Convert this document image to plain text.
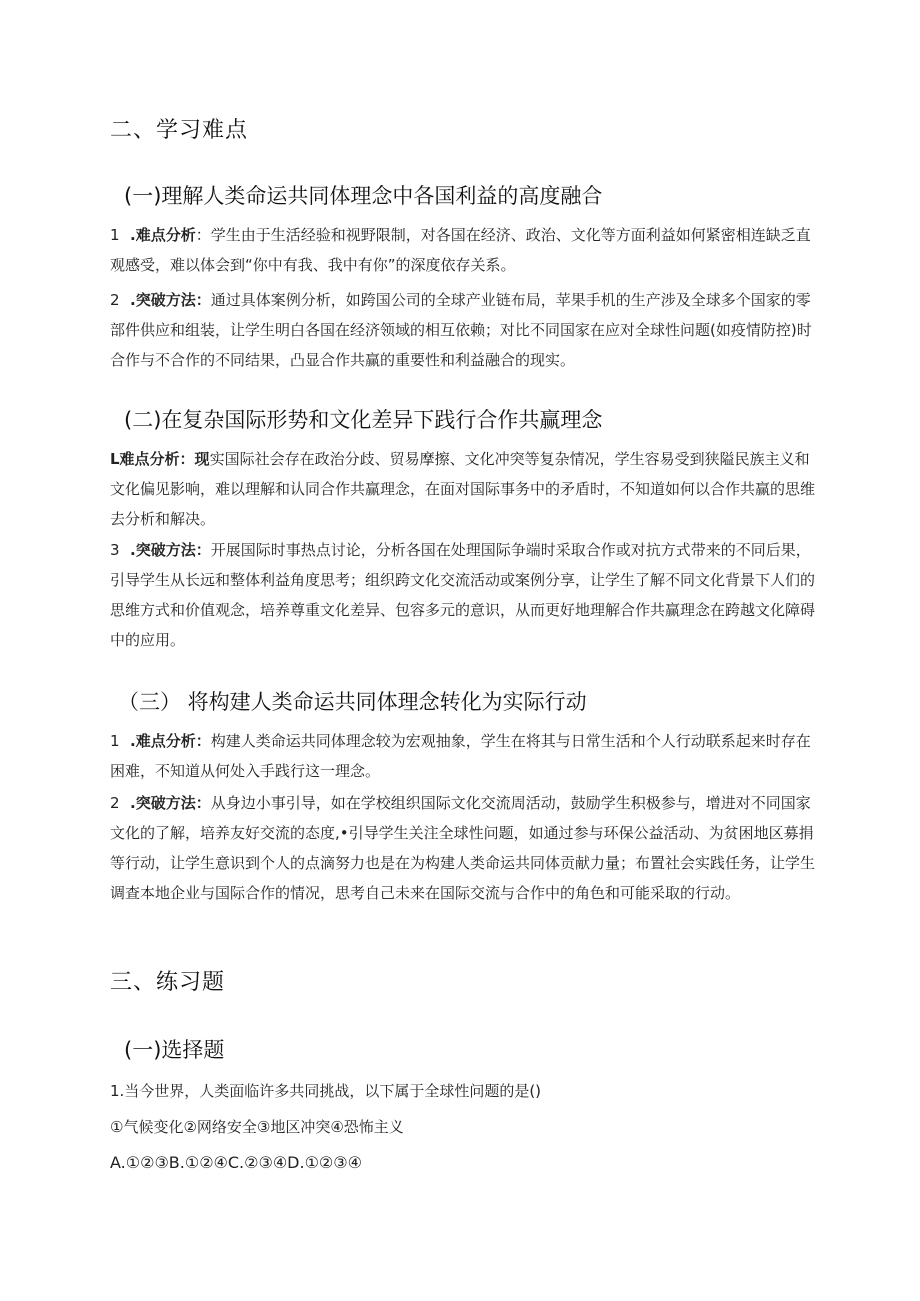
二、学习难点
(一)理解人类命运共同体理念中各国利益的高度融合
1 .难点分析：学生由于生活经验和视野限制，对各国在经济、政治、文化等方面利益如何紧密相连缺乏直观感受，难以体会到“你中有我、我中有你”的深度依存关系。
2 .突破方法：通过具体案例分析，如跨国公司的全球产业链布局，苹果手机的生产涉及全球多个国家的零部件供应和组装，让学生明白各国在经济领域的相互依赖；对比不同国家在应对全球性问题(如疫情防控)时合作与不合作的不同结果，凸显合作共赢的重要性和利益融合的现实。
(二)在复杂国际形势和文化差异下践行合作共赢理念
L难点分析：现实国际社会存在政治分歧、贸易摩擦、文化冲突等复杂情况，学生容易受到狭隘民族主义和文化偏见影响，难以理解和认同合作共赢理念，在面对国际事务中的矛盾时，不知道如何以合作共赢的思维去分析和解决。
3 .突破方法：开展国际时事热点讨论，分析各国在处理国际争端时采取合作或对抗方式带来的不同后果，引导学生从长远和整体利益角度思考；组织跨文化交流活动或案例分享，让学生了解不同文化背景下人们的思维方式和价值观念，培养尊重文化差异、包容多元的意识，从而更好地理解合作共赢理念在跨越文化障碍中的应用。
（三） 将构建人类命运共同体理念转化为实际行动
1 .难点分析：构建人类命运共同体理念较为宏观抽象，学生在将其与日常生活和个人行动联系起来时存在困难，不知道从何处入手践行这一理念。
2 .突破方法：从身边小事引导，如在学校组织国际文化交流周活动，鼓励学生积极参与，增进对不同国家文化的了解，培养友好交流的态度,•引导学生关注全球性问题，如通过参与环保公益活动、为贫困地区募捐等行动，让学生意识到个人的点滴努力也是在为构建人类命运共同体贡献力量；布置社会实践任务，让学生调查本地企业与国际合作的情况，思考自己未来在国际交流与合作中的角色和可能采取的行动。
三、练习题
(一)选择题
1.当今世界，人类面临许多共同挑战，以下属于全球性问题的是()
①气候变化②网络安全③地区冲突④恐怖主义
A.①②③B.①②④C.②③④D.①②③④
